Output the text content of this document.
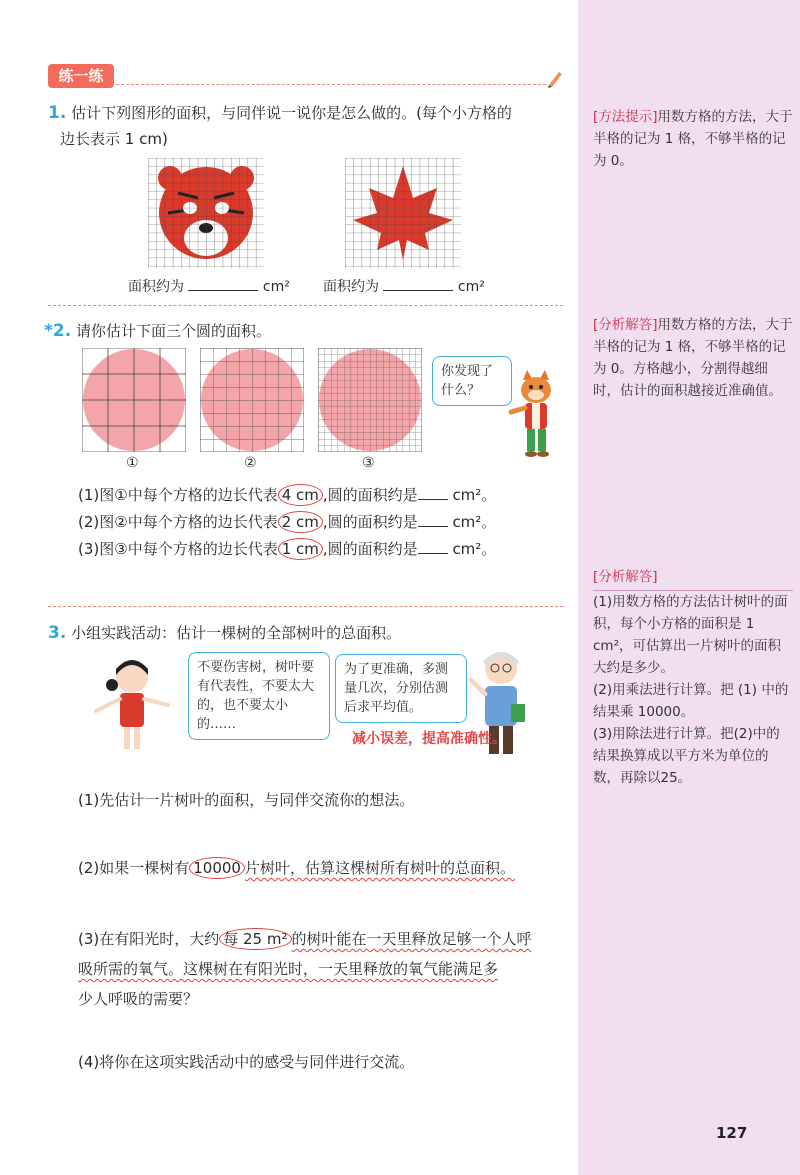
练一练
1. 估计下列图形的面积，与同伴说一说你是怎么做的。(每个小方格的
边长表示 1 cm)
面积约为	cm² 面积约为	cm²
*2. 请你估计下面三个圆的面积。
①	②	③
你发现了什么？
(1)图①中每个方格的边长代表 4 cm ,圆的面积约是 cm²。
(2)图②中每个方格的边长代表 2 cm ,圆的面积约是 cm²。
(3)图③中每个方格的边长代表 1 cm ,圆的面积约是 cm²。
3. 小组实践活动：估计一棵树的全部树叶的总面积。
不要伤害树，树叶要有代表性，不要太大的，也不要太小的……
为了更准确，多测量几次，分别估测后求平均值。
减小误差，提高准确性。
(1)先估计一片树叶的面积，与同伴交流你的想法。
(2)如果一棵树有 10000 片树叶，估算这棵树所有树叶的总面积。
(3)在有阳光时，大约 每 25 m² 的树叶能在一天里释放足够一个人呼
吸所需的氧气。这棵树在有阳光时，一天里释放的氧气能满足多
少人呼吸的需要？
(4)将你在这项实践活动中的感受与同伴进行交流。
[方法提示]用数方格的方法，大于半格的记为 1 格，不够半格的记为 0。
[分析解答]用数方格的方法，大于半格的记为 1 格，不够半格的记为 0。方格越小，分割得越细时，估计的面积越接近准确值。
[分析解答]
(1)用数方格的方法估计树叶的面积，每个小方格的面积是 1 cm²，可估算出一片树叶的面积大约是多少。
(2)用乘法进行计算。把 (1) 中的结果乘 10000。
(3)用除法进行计算。把(2)中的结果换算成以平方米为单位的数，再除以25。
127
